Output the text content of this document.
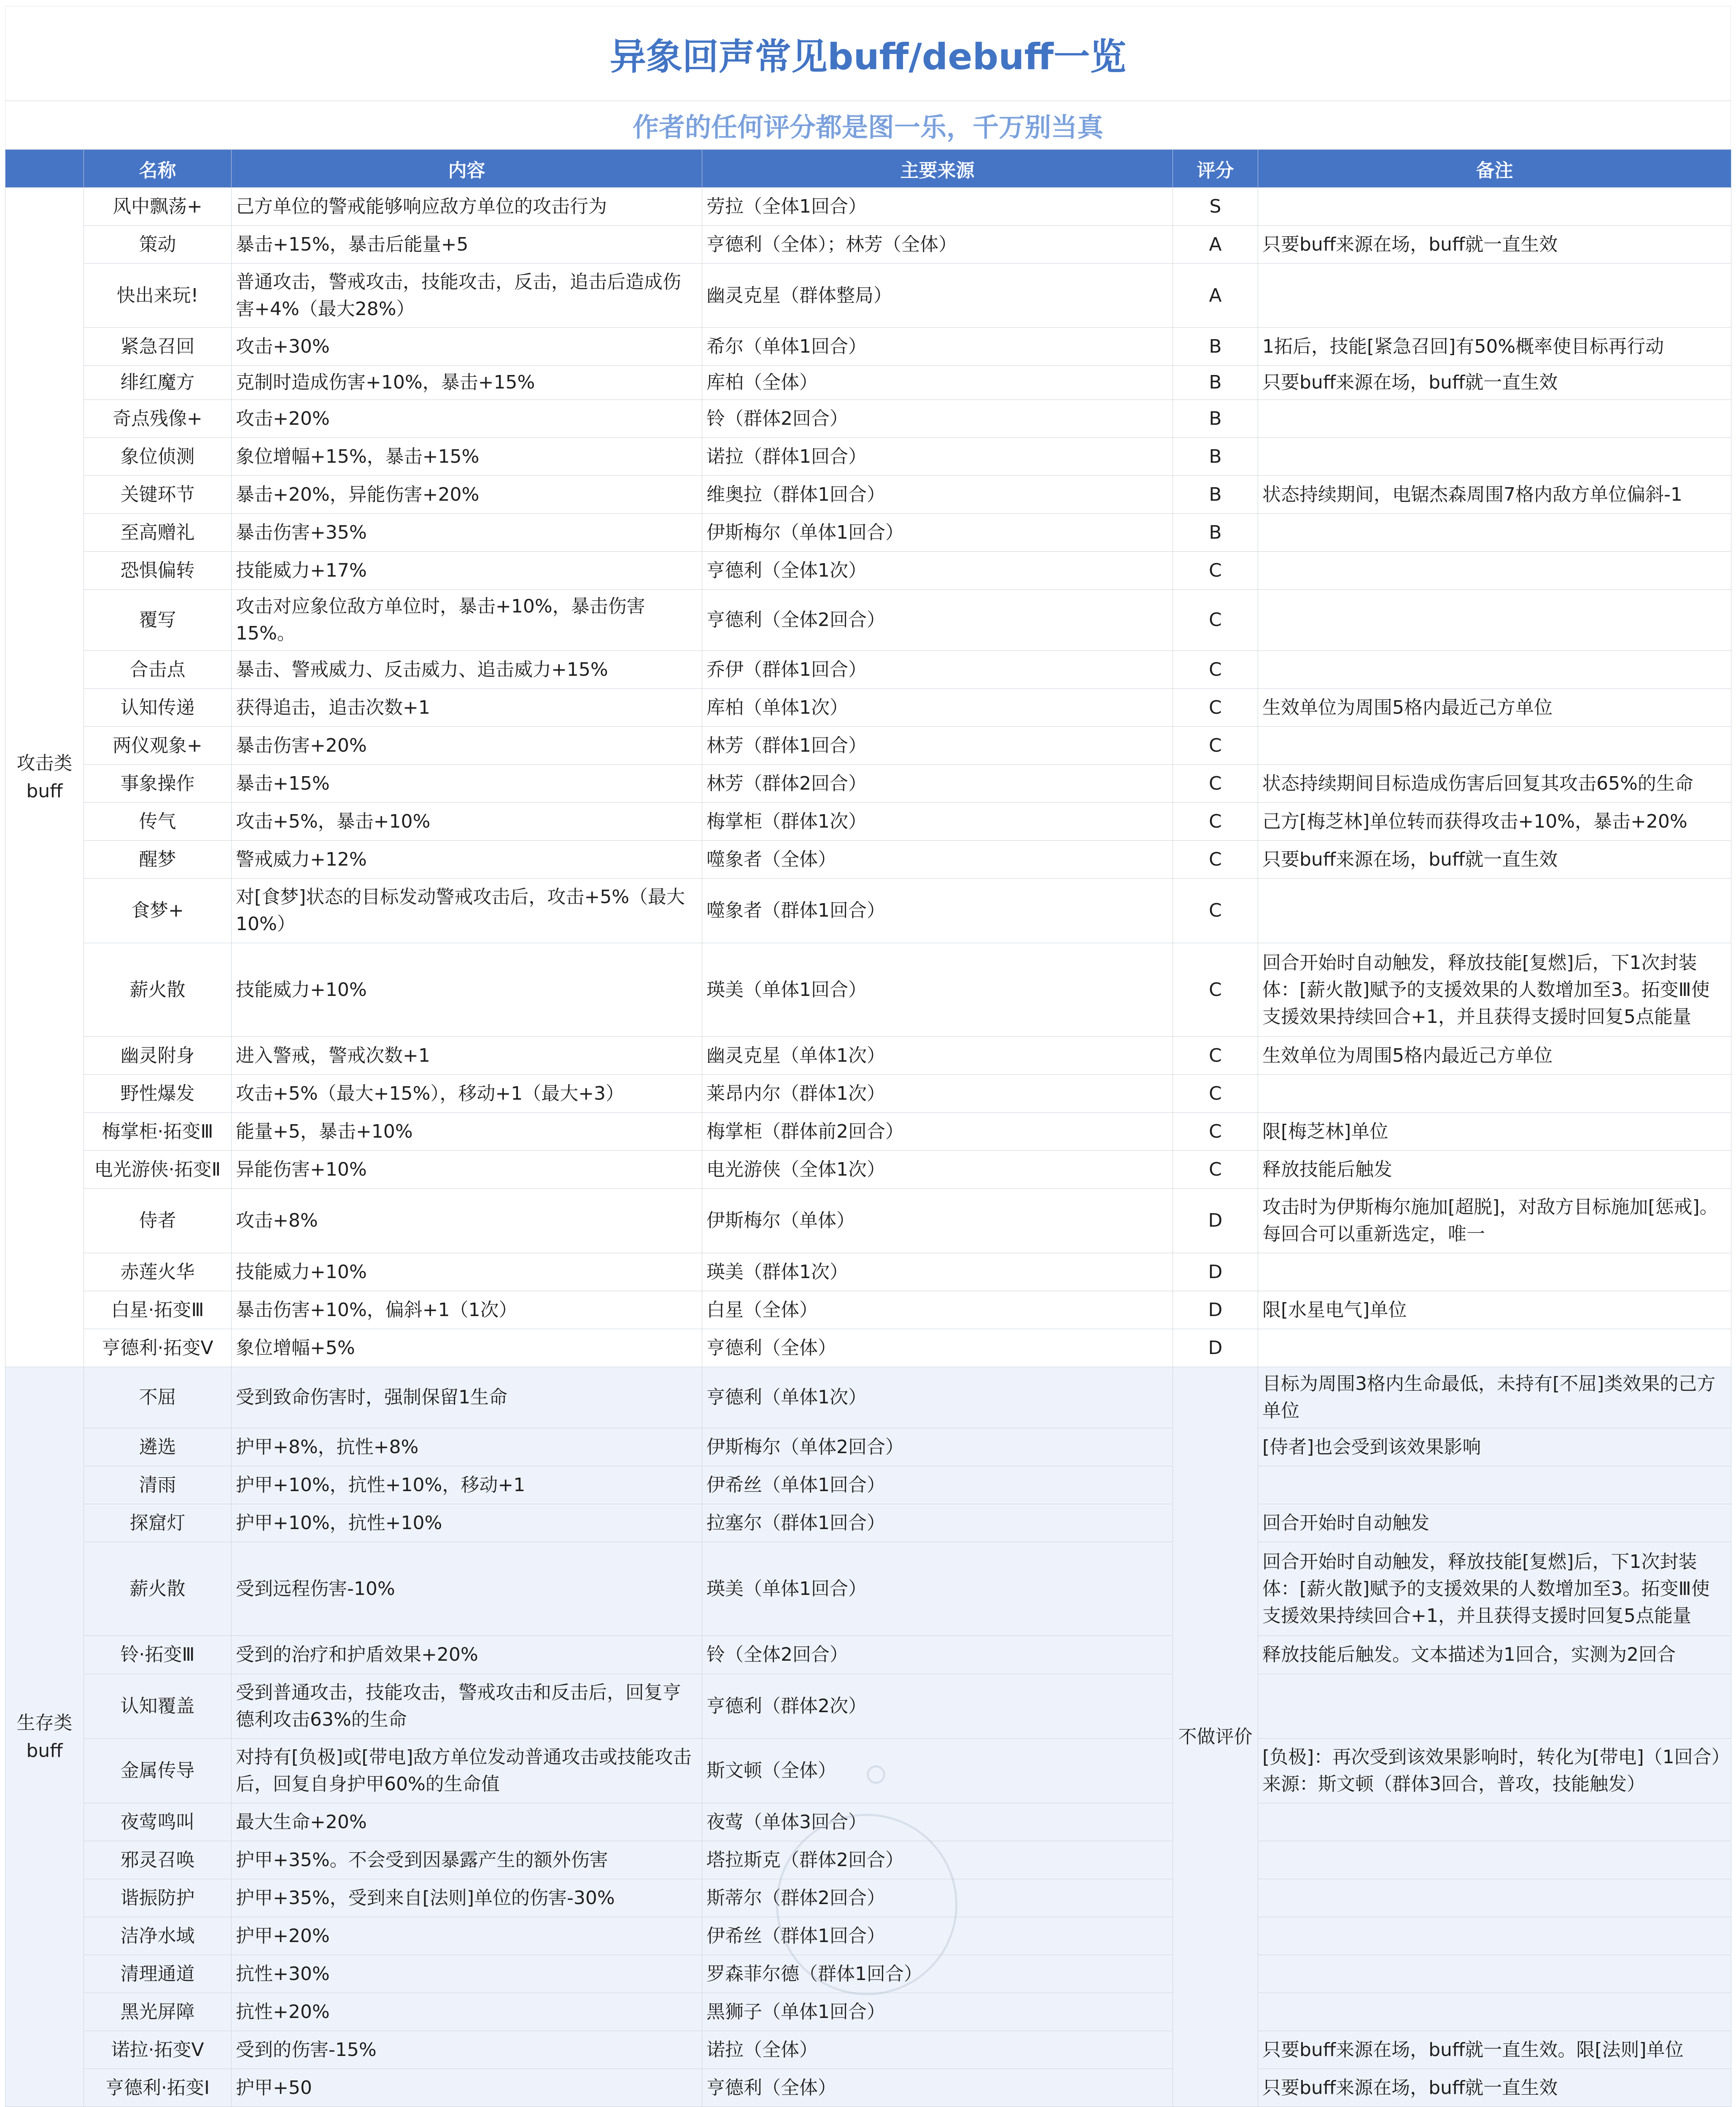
异象回声常见buff/debuff一览
作者的任何评分都是图一乐，千万别当真
	名称	内容	主要来源	评分	备注
攻击类
buff	风中飘荡+	己方单位的警戒能够响应敌方单位的攻击行为	劳拉（全体1回合）	S	
	策动	暴击+15%，暴击后能量+5	亨德利（全体）；林芳（全体）	A	只要buff来源在场，buff就一直生效
	快出来玩!	普通攻击，警戒攻击，技能攻击，反击，追击后造成伤害+4%（最大28%）	幽灵克星（群体整局）	A	
	紧急召回	攻击+30%	希尔（单体1回合）	B	1拓后，技能[紧急召回]有50%概率使目标再行动
	绯红魔方	克制时造成伤害+10%，暴击+15%	库柏（全体）	B	只要buff来源在场，buff就一直生效
	奇点残像+	攻击+20%	铃（群体2回合）	B	
	象位侦测	象位增幅+15%，暴击+15%	诺拉（群体1回合）	B	
	关键环节	暴击+20%，异能伤害+20%	维奥拉（群体1回合）	B	状态持续期间，电锯杰森周围7格内敌方单位偏斜-1
	至高赠礼	暴击伤害+35%	伊斯梅尔（单体1回合）	B	
	恐惧偏转	技能威力+17%	亨德利（全体1次）	C	
	覆写	攻击对应象位敌方单位时，暴击+10%，暴击伤害15%。	亨德利（全体2回合）	C	
	合击点	暴击、警戒威力、反击威力、追击威力+15%	乔伊（群体1回合）	C	
	认知传递	获得追击，追击次数+1	库柏（单体1次）	C	生效单位为周围5格内最近己方单位
	两仪观象+	暴击伤害+20%	林芳（群体1回合）	C	
	事象操作	暴击+15%	林芳（群体2回合）	C	状态持续期间目标造成伤害后回复其攻击65%的生命
	传气	攻击+5%，暴击+10%	梅掌柜（群体1次）	C	己方[梅芝林]单位转而获得攻击+10%，暴击+20%
	醒梦	警戒威力+12%	噬象者（全体）	C	只要buff来源在场，buff就一直生效
	食梦+	对[食梦]状态的目标发动警戒攻击后，攻击+5%（最大10%）	噬象者（群体1回合）	C	
	薪火散	技能威力+10%	瑛美（单体1回合）	C	回合开始时自动触发，释放技能[复燃]后，下1次封装体：[薪火散]赋予的支援效果的人数增加至3。拓变Ⅲ使支援效果持续回合+1，并且获得支援时回复5点能量
	幽灵附身	进入警戒，警戒次数+1	幽灵克星（单体1次）	C	生效单位为周围5格内最近己方单位
	野性爆发	攻击+5%（最大+15%），移动+1（最大+3）	莱昂内尔（群体1次）	C	
	梅掌柜·拓变Ⅲ	能量+5，暴击+10%	梅掌柜（群体前2回合）	C	限[梅芝林]单位
	电光游侠·拓变Ⅱ	异能伤害+10%	电光游侠（全体1次）	C	释放技能后触发
	侍者	攻击+8%	伊斯梅尔（单体）	D	攻击时为伊斯梅尔施加[超脱]，对敌方目标施加[惩戒]。每回合可以重新选定，唯一
	赤莲火华	技能威力+10%	瑛美（群体1次）	D	
	白星·拓变Ⅲ	暴击伤害+10%，偏斜+1（1次）	白星（全体）	D	限[水星电气]单位
	亨德利·拓变Ⅴ	象位增幅+5%	亨德利（全体）	D	
生存类
buff	不屈	受到致命伤害时，强制保留1生命	亨德利（单体1次）	不做评价	目标为周围3格内生命最低，未持有[不屈]类效果的己方单位
	遴选	护甲+8%，抗性+8%	伊斯梅尔（单体2回合）		[侍者]也会受到该效果影响
	清雨	护甲+10%，抗性+10%，移动+1	伊希丝（单体1回合）		
	探窟灯	护甲+10%，抗性+10%	拉塞尔（群体1回合）		回合开始时自动触发
	薪火散	受到远程伤害-10%	瑛美（单体1回合）		回合开始时自动触发，释放技能[复燃]后，下1次封装体：[薪火散]赋予的支援效果的人数增加至3。拓变Ⅲ使支援效果持续回合+1，并且获得支援时回复5点能量
	铃·拓变Ⅲ	受到的治疗和护盾效果+20%	铃（全体2回合）		释放技能后触发。文本描述为1回合，实测为2回合
	认知覆盖	受到普通攻击，技能攻击，警戒攻击和反击后，回复亨德利攻击63%的生命	亨德利（群体2次）		
	金属传导	对持有[负极]或[带电]敌方单位发动普通攻击或技能攻击后，回复自身护甲60%的生命值	斯文顿（全体）		[负极]：再次受到该效果影响时，转化为[带电]（1回合）来源：斯文顿（群体3回合，普攻，技能触发）
	夜莺鸣叫	最大生命+20%	夜莺（单体3回合）		
	邪灵召唤	护甲+35%。不会受到因暴露产生的额外伤害	塔拉斯克（群体2回合）		
	谐振防护	护甲+35%，受到来自[法则]单位的伤害-30%	斯蒂尔（群体2回合）		
	洁净水域	护甲+20%	伊希丝（群体1回合）		
	清理通道	抗性+30%	罗森菲尔德（群体1回合）		
	黑光屏障	抗性+20%	黑狮子（单体1回合）		
	诺拉·拓变Ⅴ	受到的伤害-15%	诺拉（全体）		只要buff来源在场，buff就一直生效。限[法则]单位
	亨德利·拓变Ⅰ	护甲+50	亨德利（全体）		只要buff来源在场，buff就一直生效
